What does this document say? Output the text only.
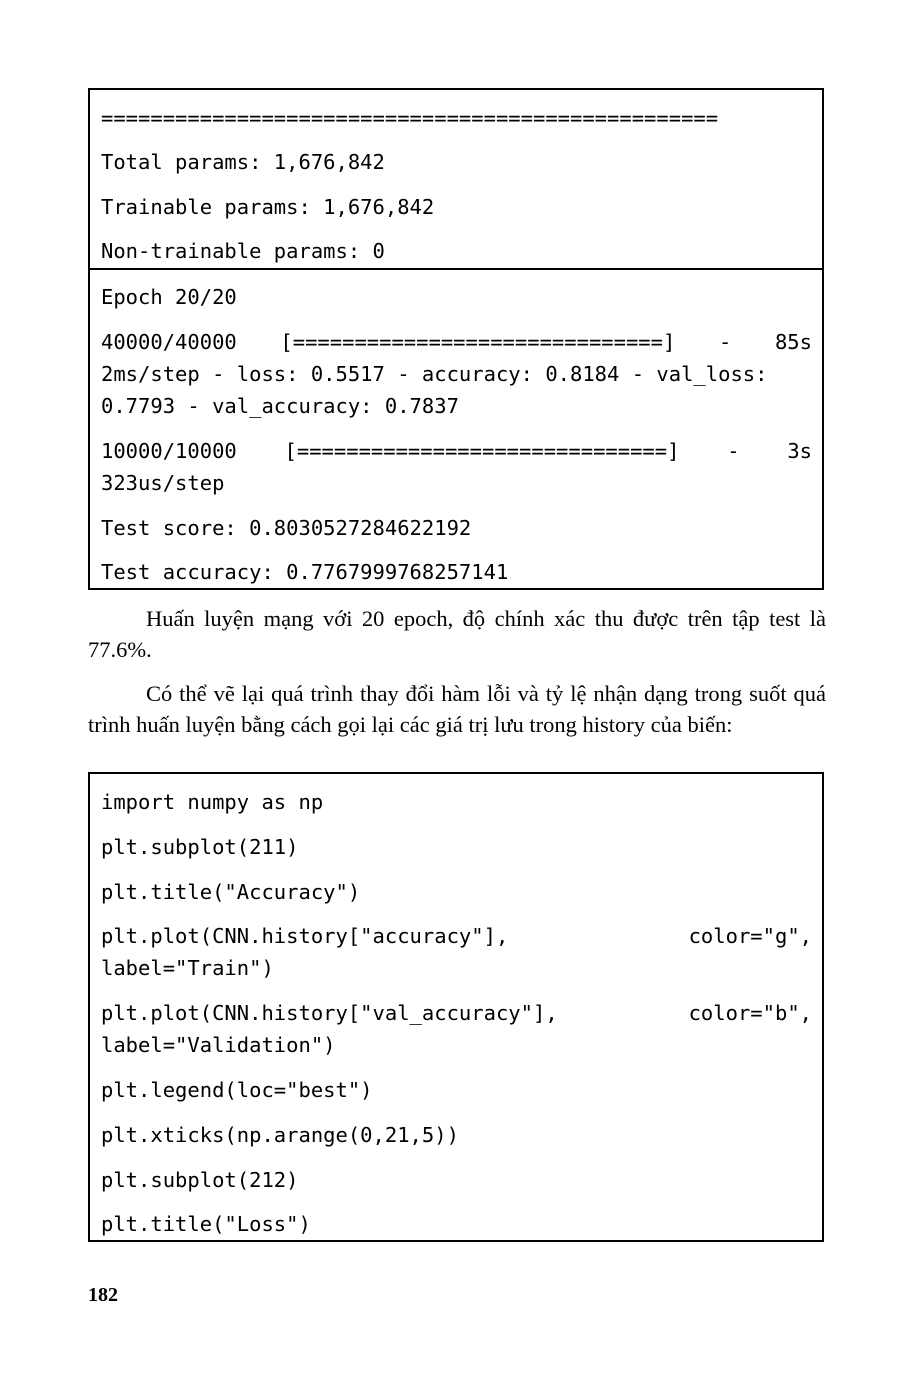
==================================================
Total params: 1,676,842
Trainable params: 1,676,842
Non-trainable params: 0
Epoch 20/20
40000/40000 [==============================] - 85s
2ms/step - loss: 0.5517 - accuracy: 0.8184 - val_loss:
0.7793 - val_accuracy: 0.7837
10000/10000 [==============================] - 3s
323us/step
Test score: 0.8030527284622192
Test accuracy: 0.7767999768257141
Huấn luyện mạng với 20 epoch, độ chính xác thu được trên tập test là 77.6%.
Có thể vẽ lại quá trình thay đổi hàm lỗi và tỷ lệ nhận dạng trong suốt quá trình huấn luyện bằng cách gọi lại các giá trị lưu trong history của biến:
import numpy as np
plt.subplot(211)
plt.title("Accuracy")
plt.plot(CNN.history["accuracy"],	color="g",
label="Train")
plt.plot(CNN.history["val_accuracy"],	color="b",
label="Validation")
plt.legend(loc="best")
plt.xticks(np.arange(0,21,5))
plt.subplot(212)
plt.title("Loss")
182
